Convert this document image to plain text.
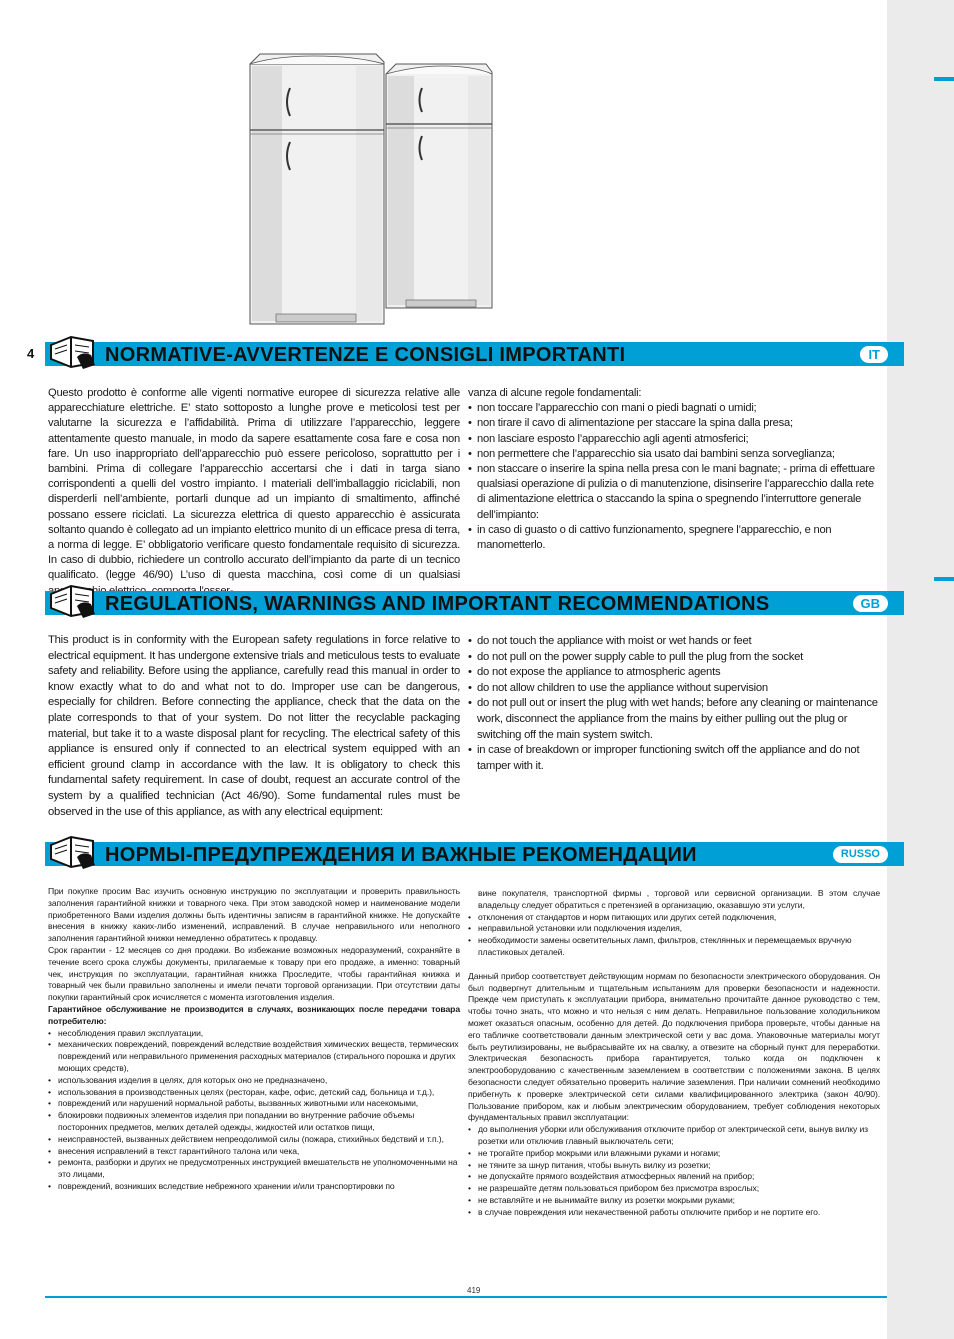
4	NORMATIVE-AVVERTENZE E CONSIGLI IMPORTANTI	IT

Questo prodotto è conforme alle vigenti normative europee di sicurezza relative alle apparecchiature elettriche. E’ stato sottoposto a lunghe prove e meticolosi test per valutarne la sicurezza e l’affidabilità. Prima di utilizzare l’apparecchio, leggere attentamente questo manuale, in modo da sapere esattamente cosa fare e cosa non fare. Un uso inappropriato dell’apparecchio può essere pericoloso, soprattutto per i bambini. Prima di collegare l’apparecchio accertarsi che i dati in targa siano corrispondenti a quelli del vostro impianto. I materiali dell’imballaggio riciclabili, non disperderli nell’ambiente, portarli dunque ad un impianto di smaltimento, affinché possano essere riciclati. La sicurezza elettrica di questo apparecchio è assicurata soltanto quando è collegato ad un impianto elettrico munito di un efficace presa di terra, a norma di legge. E’ obbligatorio verificare questo fondamentale requisito di sicurezza. In caso di dubbio, richiedere un controllo accurato dell’impianto da parte di un tecnico qualificato. (legge 46/90) L’uso di questa macchina, così come di un qualsiasi

vanza di alcune regole fondamentali:

• non toccare l’apparecchio con mani o piedi bagnati o umidi;
• non tirare il cavo di alimentazione per staccare la spina dalla presa;
• non lasciare esposto l’apparecchio agli agenti atmosferici;
• non permettere che l’apparecchio sia usato dai bambini senza sorveglianza;
• non staccare o inserire la spina nella presa con le mani bagnate; - prima di effettuare qualsiasi operazione di pulizia o di manutenzione, disinserire l’apparecchio dalla rete di alimentazione elettrica o staccando la spina o spegnendo l’interruttore generale dell’impianto:
• in caso di guasto o di cattivo funzionamento, spegnere l’apparecchio, e non manometterlo.
REGULATIONS, WARNINGS AND IMPORTANT RECOMMENDATIONS	GB

This product is in conformity with the European safety regulations in force relative to electrical equipment. It has undergone extensive trials and meticulous tests to evaluate safety and reliability. Before using the appliance, carefully read this manual in order to know exactly what to do and what not to do. Improper use can be dangerous, especially for children. Before connecting the appliance, check that the data on the plate corresponds to that of your system. Do not litter the recyclable packaging material, but take it to a waste disposal plant for recycling. The electrical safety of this appliance is ensured only if connected to an electrical system equipped with an efficient ground clamp in accordance with the law. It is obligatory to check this fundamental safety requirement. In case of doubt, request an accurate control of the system by a qualified technician (Act 46/90). Some fundamental rules must be observed in the use of this appliance, as with any electrical equipment:

• do not touch the appliance with moist or wet hands or feet
• do not pull on the power supply cable to pull the plug from the socket
• do not expose the appliance to atmospheric agents
• do not allow children to use the appliance without supervision
• do not pull out or insert the plug with wet hands; before any cleaning or maintenance work, disconnect the appliance from the mains by either pulling out the plug or switching off the main system switch.
• in case of breakdown or improper functioning switch off the appliance and do not tamper with it.
НОРМЫ-ПРЕДУПРЕЖДЕНИЯ И ВАЖНЫЕ РЕКОМЕНДАЦИИ	RUSSO

При покупке просим Вас изучить основную инструкцию по эксплуатации и проверить правильность заполнения гарантийной книжки и товарного чека. При этом заводской номер и наименование модели приобретенного Вами изделия должны быть идентичны записям в гарантийной книжке. Не допускайте внесения в книжку каких-либо изменений, исправлений. В случае неправильного или неполного заполнения гарантийной книжки немедленно обратитесь к продавцу.

Срок гарантии - 12 месяцев со дня продажи. Во избежание возможных недоразумений, сохраняйте в течение всего срока службы документы, прилагаемые к товару при его продаже, а именно: товарный чек, инструкция по эксплуатации, гарантийная книжка Проследите, чтобы гарантийная книжка и товарный чек были правильно заполнены и имели печати торговой организации. При отсутствии даты покупки гарантийный срок исчисляется с момента изготовления изделия.

Гарантийное обслуживание не производится в случаях, возникающих после передачи товара потребителю:

• несоблюдения правил эксплуатации,
• механических повреждений, повреждений вследствие воздействия химических веществ, термических повреждений или неправильного применения расходных материалов (стирального порошка и других моющих средств),
• использования изделия в целях, для которых оно не предназначено,
• использования в производственных целях (ресторан, кафе, офис, детский сад, больница и т.д.),
• повреждений или нарушений нормальной работы, вызванных животными или насекомыми,
• блокировки подвижных элементов изделия при попадании во внутренние рабочие объемы посторонних предметов, мелких деталей одежды, жидкостей или остатков пищи,
• неисправностей, вызванных действием непреодолимой силы (пожара, стихийных бедствий и т.п.),
• внесения исправлений в текст гарантийного талона или чека,
• ремонта, разборки и других не предусмотренных инструкцией вмешательств не уполномоченными на это лицами,
• повреждений, возникших вследствие небрежного хранении и/или транспортировки по

вине покупателя, транспортной фирмы , торговой или сервисной организации. В этом случае владельцу следует обратиться с претензией в организацию, оказавшую эти услуги,

• отклонения от стандартов и норм питающих или других сетей подключения,
• неправильной установки или подключения изделия,
• необходимости замены осветительных ламп, фильтров, стеклянных и перемещаемых вручную пластиковых деталей.

Данный прибор соответствует действующим нормам по безопасности электрического оборудования. Он был подвергнут длительным и тщательным испытаниям для проверки безопасности и надежности. Прежде чем приступать к эксплуатации прибора, внимательно прочитайте данное руководство с тем, чтобы точно знать, что можно и что нельзя с ним делать. Неправильное пользование холодильником может оказаться опасным, особенно для детей. До подключения прибора проверьте, чтобы данные на его табличке соответствовали данным электрической сети у вас дома. Упаковочные материалы могут быть реутилизированы, не выбрасывайте их на свалку, а отвезите на сборный пункт для переработки. Электрическая безопасность прибора гарантируется, только когда он подключен к электрооборудованию с качественным заземлением в соответствии с положениями закона. В целях безопасности следует обязательно проверить наличие заземления. При наличии сомнений необходимо прибегнуть к проверке электрической сети силами квалифицированного электрика (закон 40/90). Пользование прибором, как и любым электрическим оборудованием, требует соблюдения некоторых фундаментальных правил эксплуатации:

• до выполнения уборки или обслуживания отключите прибор от электрической сети, вынув вилку из розетки или отключив главный выключатель сети;
• не трогайте прибор мокрыми или влажными руками и ногами;
• не тяните за шнур питания, чтобы вынуть вилку из розетки;
• не допускайте прямого воздействия атмосферных явлений на прибор;
• не разрешайте детям пользоваться прибором без присмотра взрослых;
• не вставляйте и не вынимайте вилку из розетки мокрыми руками;
• в случае повреждения или некачественной работы отключите прибор и не портите его.
419
